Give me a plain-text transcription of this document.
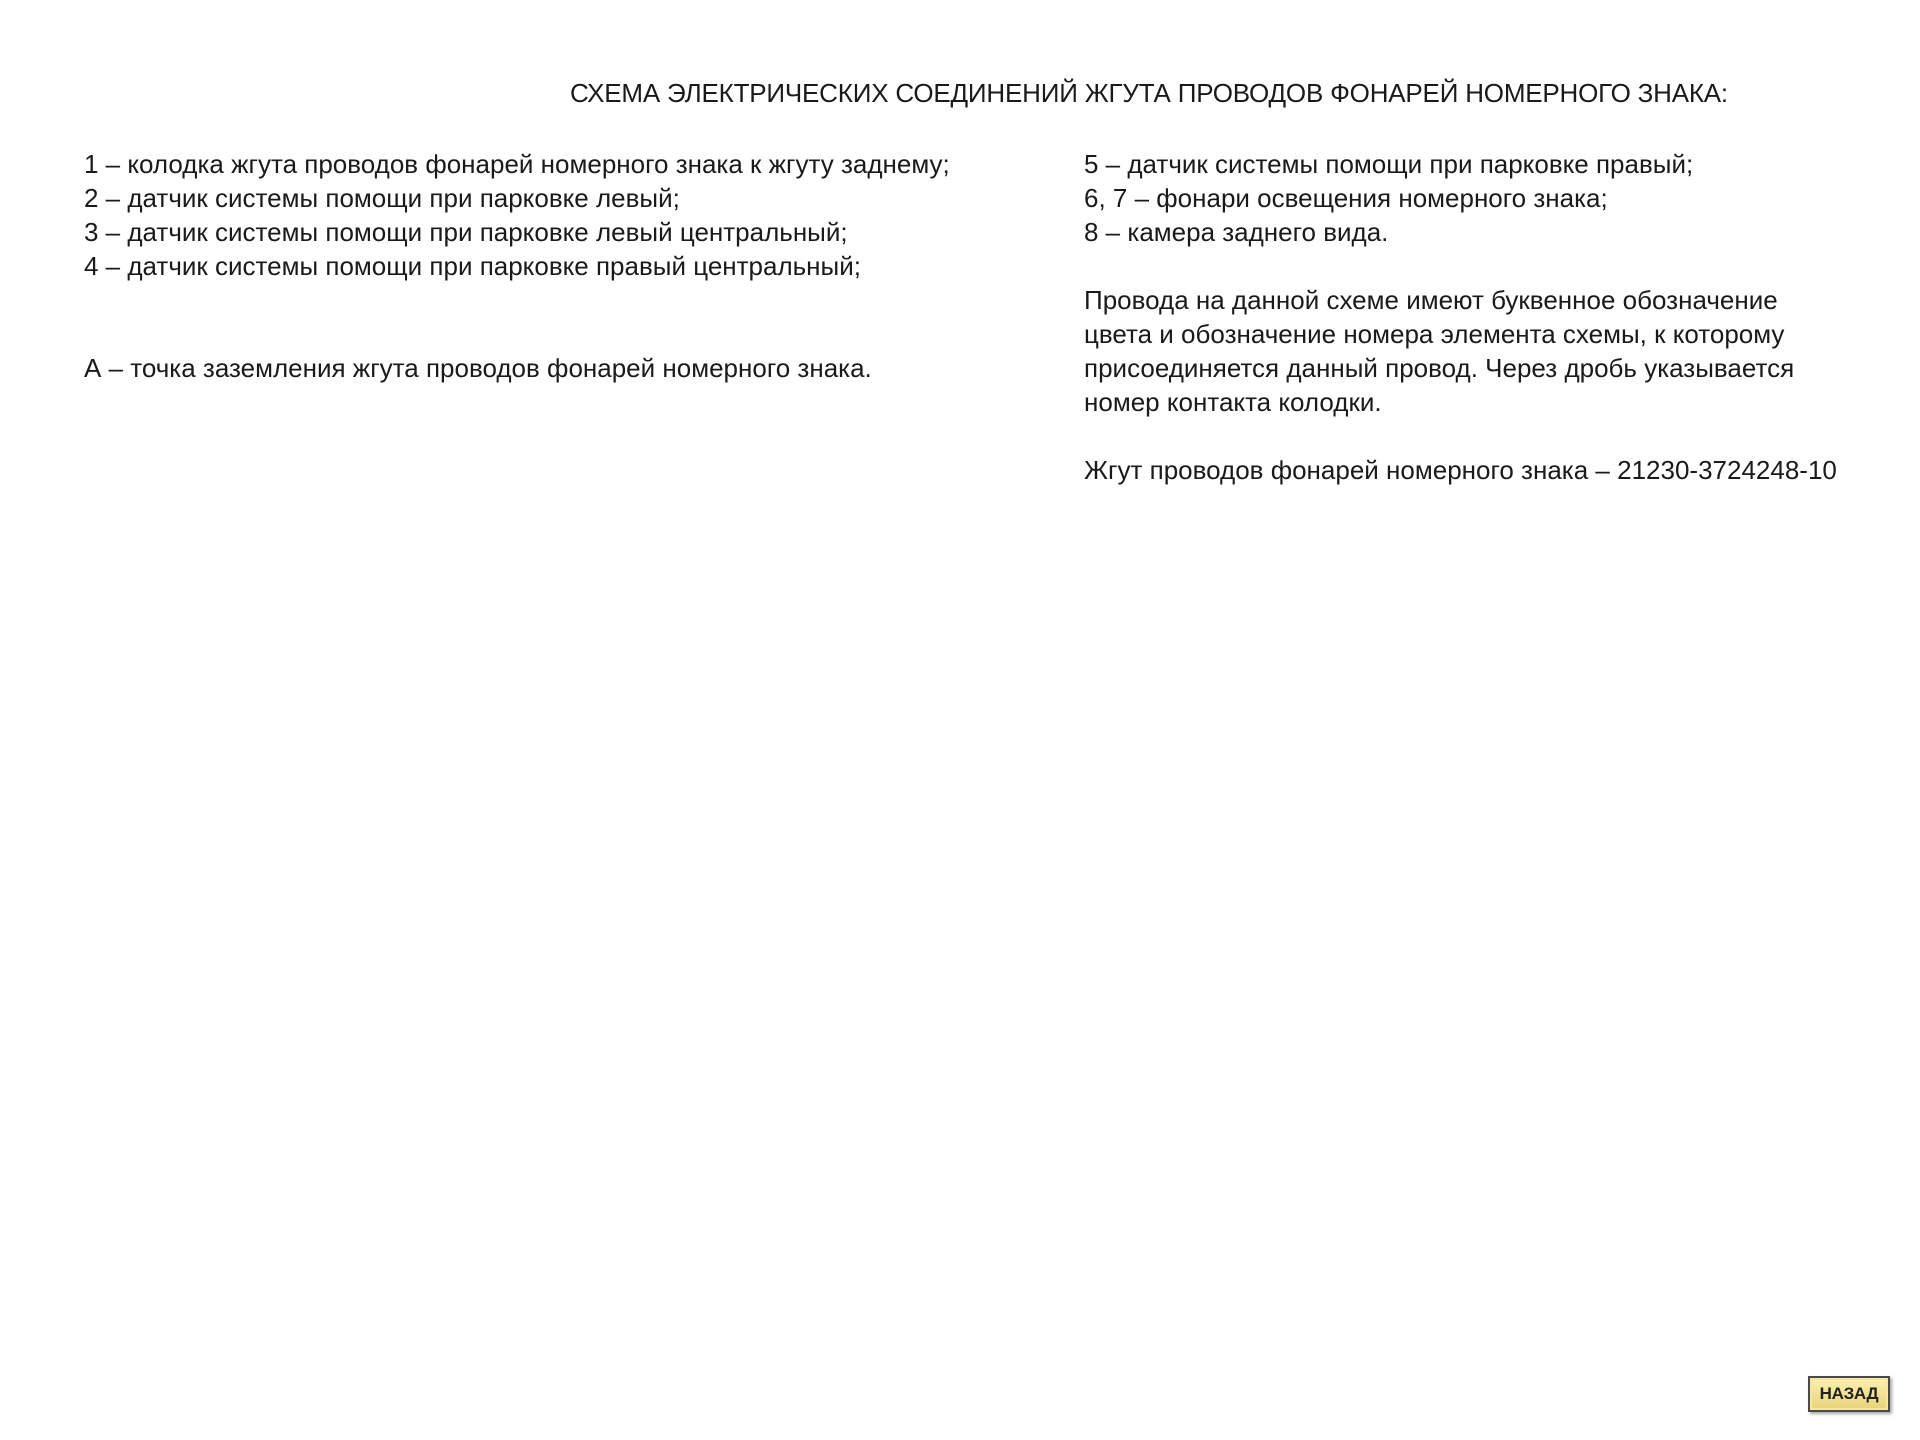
СХЕМА ЭЛЕКТРИЧЕСКИХ СОЕДИНЕНИЙ ЖГУТА ПРОВОДОВ ФОНАРЕЙ НОМЕРНОГО ЗНАКА:
1 – колодка жгута проводов фонарей номерного знака к жгуту заднему;
2 – датчик системы помощи при парковке левый;
3 – датчик системы помощи при парковке левый центральный;
4 – датчик системы помощи при парковке правый центральный;
А – точка заземления жгута проводов фонарей номерного знака.
5 – датчик системы помощи при парковке правый;
6, 7 – фонари освещения номерного знака;
8 – камера заднего вида.
Провода на данной схеме имеют буквенное обозначение
цвета и обозначение номера элемента схемы, к которому
присоединяется данный провод. Через дробь указывается
номер контакта колодки.
Жгут проводов фонарей номерного знака – 21230-3724248-10
НАЗАД
